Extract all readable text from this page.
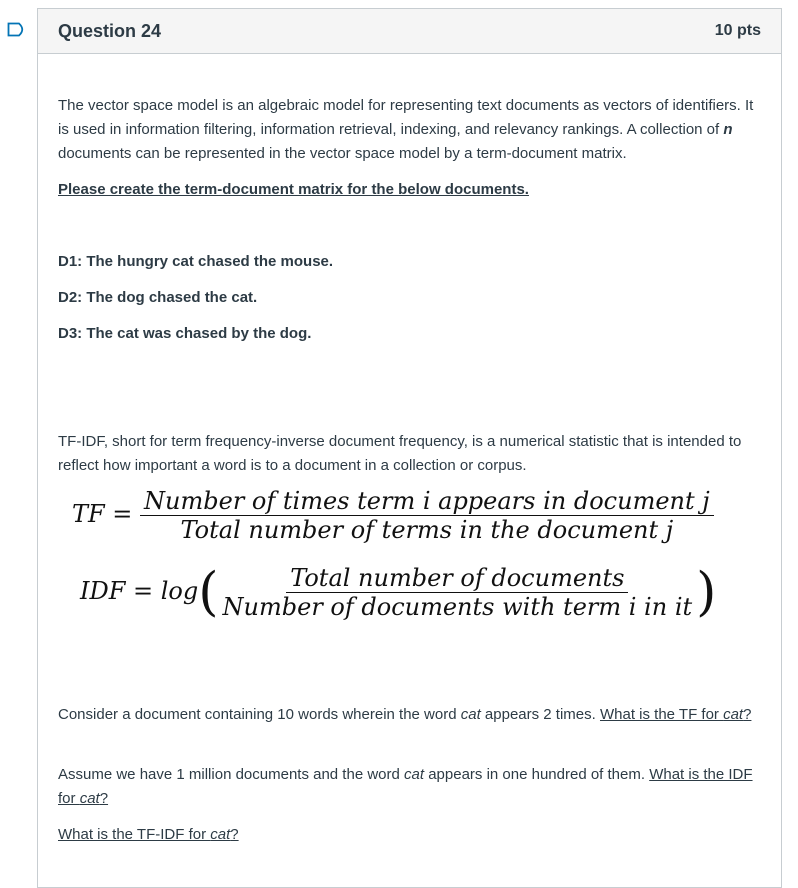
Question 24	10 pts

The vector space model is an algebraic model for representing text documents as vectors of identifiers. It is used in information filtering, information retrieval, indexing, and relevancy rankings. A collection of n documents can be represented in the vector space model by a term-document matrix.

Please create the term-document matrix for the below documents.

D1: The hungry cat chased the mouse.

D2: The dog chased the cat.

D3: The cat was chased by the dog.

TF-IDF, short for term frequency-inverse document frequency, is a numerical statistic that is intended to reflect how important a word is to a document in a collection or corpus.

TF = $\frac{\text{Number of times term i appears in document j}}{\text{Total number of terms in the document j}}$
IDF = $\log( \frac{\text{Total number of documents}}{\text{Number of documents with term i in it}}$ )

Consider a document containing 10 words wherein the word cat appears 2 times. What is the TF for cat?

Assume we have 1 million documents and the word cat appears in one hundred of them. What is the IDF for cat?

What is the TF-IDF for cat?
